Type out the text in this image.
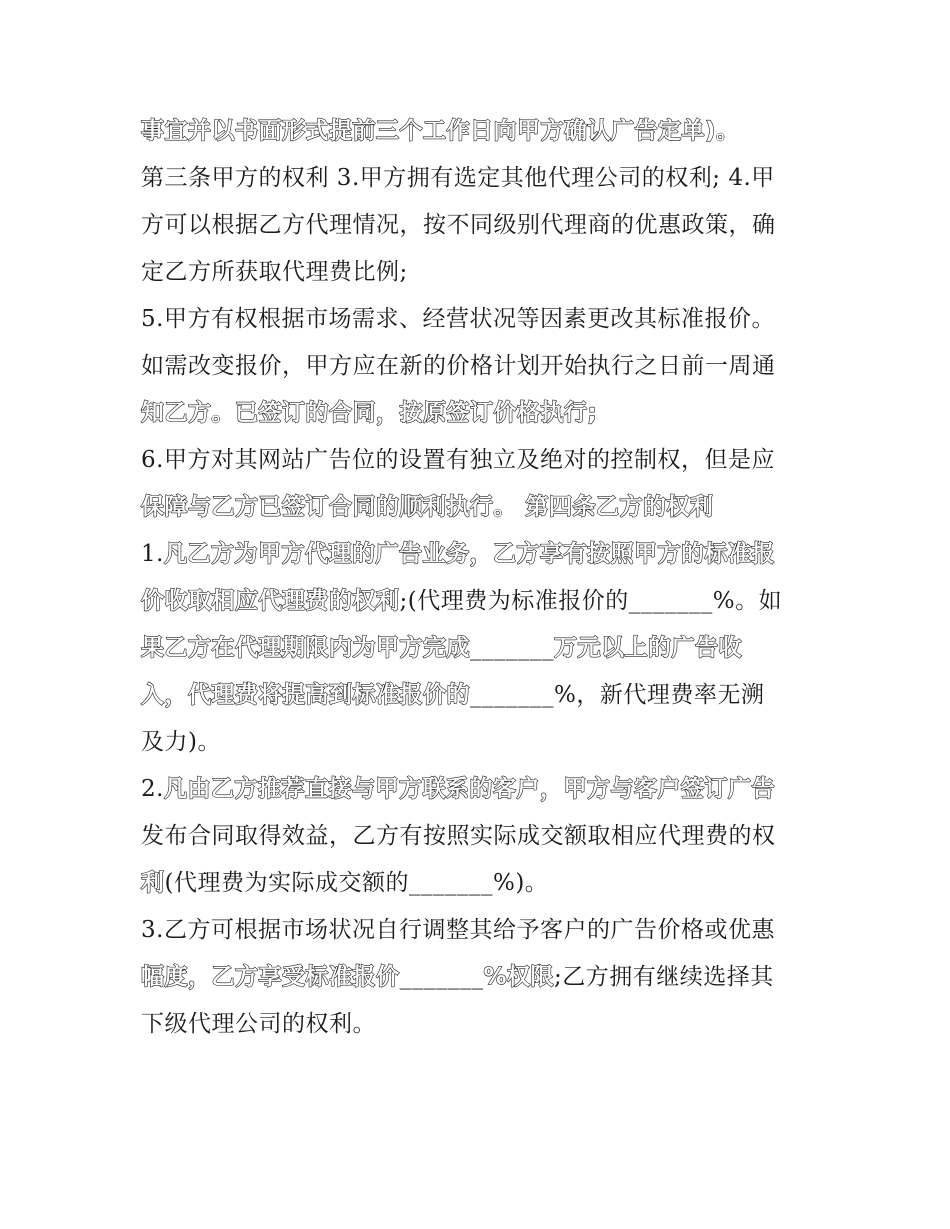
事宜并以书面形式提前三个工作日向甲方确认广告定单)。
第三条甲方的权利 3.甲方拥有选定其他代理公司的权利; 4.甲
方可以根据乙方代理情况，按不同级别代理商的优惠政策，确
定乙方所获取代理费比例;
5.甲方有权根据市场需求、经营状况等因素更改其标准报价。
如需改变报价，甲方应在新的价格计划开始执行之日前一周通
知乙方。已签订的合同，按原签订价格执行;
6.甲方对其网站广告位的设置有独立及绝对的控制权，但是应
保障与乙方已签订合同的顺利执行。 第四条乙方的权利
1.凡乙方为甲方代理的广告业务，乙方享有按照甲方的标准报
价收取相应代理费的权利;(代理费为标准报价的_______%。如
果乙方在代理期限内为甲方完成_______万元以上的广告收
入，代理费将提高到标准报价的_______%，新代理费率无溯
及力)。
2.凡由乙方推荐直接与甲方联系的客户，甲方与客户签订广告
发布合同取得效益，乙方有按照实际成交额取相应代理费的权
利(代理费为实际成交额的_______%)。
3.乙方可根据市场状况自行调整其给予客户的广告价格或优惠
幅度，乙方享受标准报价_______%权限;乙方拥有继续选择其
下级代理公司的权利。
